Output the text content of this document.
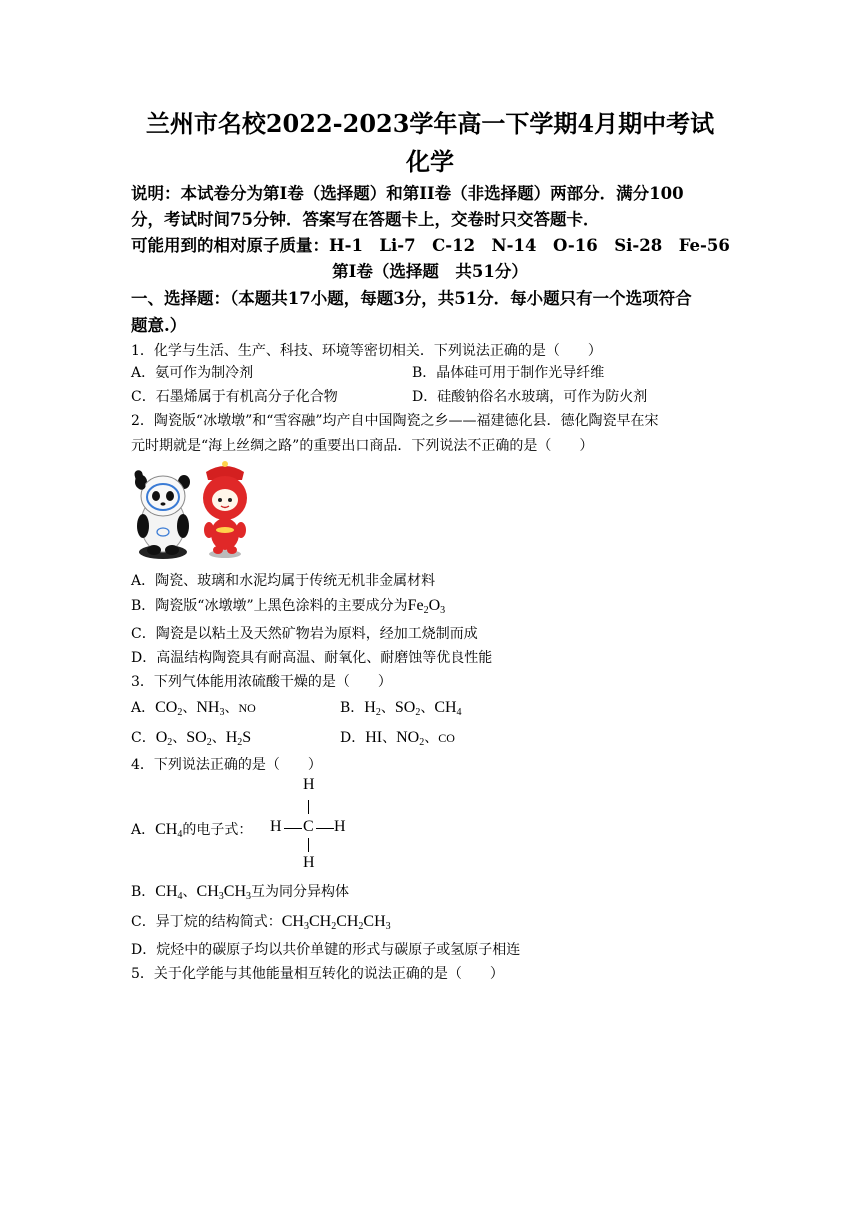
兰州市名校2022-2023学年高一下学期4月期中考试
化学
说明：本试卷分为第I卷（选择题）和第II卷（非选择题）两部分．满分100
分，考试时间75分钟．答案写在答题卡上，交卷时只交答题卡．
可能用到的相对原子质量：H-1　Li-7　C-12　N-14　O-16　Si-28　Fe-56
第I卷（选择题　共51分）
一、选择题：（本题共17小题，每题3分，共51分．每小题只有一个选项符合
题意.）
1．化学与生活、生产、科技、环境等密切相关．下列说法正确的是（　　）
A．氨可作为制冷剂	B．晶体硅可用于制作光导纤维
C．石墨烯属于有机高分子化合物	D．硅酸钠俗名水玻璃，可作为防火剂
2．陶瓷版“冰墩墩”和“雪容融”均产自中国陶瓷之乡——福建德化县．德化陶瓷早在宋
元时期就是“海上丝绸之路”的重要出口商品．下列说法不正确的是（　　）
A．陶瓷、玻璃和水泥均属于传统无机非金属材料
B．陶瓷版“冰墩墩”上黑色涂料的主要成分为$Fe_2O_3$
C．陶瓷是以粘土及天然矿物岩为原料，经加工烧制而成
D．高温结构陶瓷具有耐高温、耐氧化、耐磨蚀等优良性能
3．下列气体能用浓硫酸干燥的是（　　）
A．$CO_2$、$NH_3$、NO	B．$H_2$、$SO_2$、$CH_4$
C．$O_2$、$SO_2$、$H_2S$	D．HI、$NO_2$、CO
4．下列说法正确的是（　　）
A．$CH_4$的电子式：
H
H C H
H
B．$CH_4$、$CH_3CH_3$互为同分异构体
C．异丁烷的结构简式：$CH_3CH_2CH_2CH_3$
D．烷烃中的碳原子均以共价单键的形式与碳原子或氢原子相连
5．关于化学能与其他能量相互转化的说法正确的是（　　）
